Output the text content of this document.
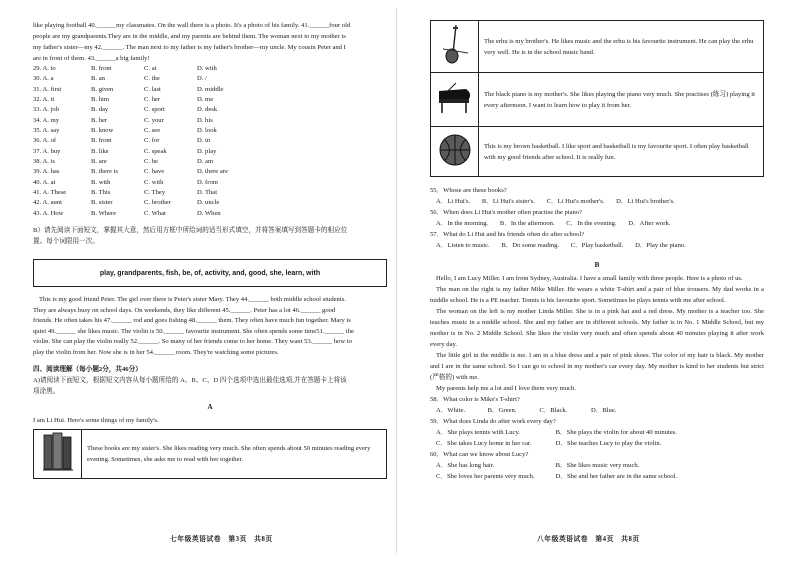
like playing football 40.______my classmates. On the wall there is a photo. It's a photo of his family. 41.______four old

people are my grandparents.They are in the middle, and my parents are behind them. The woman next to my mother is

my father's sister—my 42.______. The man next to my father is my father's brother—my uncle. My cousin Peter and I

are in front of them. 43.______a big family!

29. A. to	B. from	C. at	D. with
30. A. a	B. an	C. the	D. /
31. A. first	B. given	C. last	D. middle
32. A. it	B. him	C. her	D. me
33. A. job	B. day	C. sport	D. desk
34. A. my	B. her	C. your	D. his
35. A. say	B. know	C. see	D. look
36. A. of	B. from	C. for	D. in
37. A. buy	B. like	C. speak	D. play
38. A. is	B. are	C. be	D. am
39. A. has	B. there is	C. have	D. there are
40. A. at	B. with	C. with	D. from
41. A. These	B. This	C. They	D. That
42. A. aunt	B. sister	C. brother	D. uncle
43. A. How	B. Where	C. What	D. When

B）请先阅读下面短文，掌握其大意，然后用方框中所给词的适当形式填空，并将答案填写到答题卡的相应位

置。每个词限用一次。

play, grandparents, fish, be, of, activity, and, good, she, learn, with

This is my good friend Peter. The girl over there is Peter's sister Mary. They 44.______ both middle school students.

They are always busy on school days. On weekends, they like different 45.______. Peter has a lot 46.______ good

friends. He often takes his 47.______ rod and goes fishing 48.______ them. They often have much fun together. Mary is

quiet 49.______ she likes music. The violin is 50.______ favourite instrument. She often spends some time51.______ the

violin. She can play the violin really 52.______. So many of her friends come to her home. They want 53.______ how to

play the violin from her. Now she is in her 54.______ room. They're watching some pictures.

四、阅读理解（每小题2分，共46分）

A)请阅读下面短文，根据短文内容从每小题所给的 A、B、C、D 四个选项中选出最佳选项,并在答题卡上将该

项涂黑。

A

I am Li Hui. Here's some things of my family's.

	These books are my sister's. She likes reading very much. She often spends about 50 minutes reading every evening. Sometimes, she asks me to read with her together.
七年级英语试卷　第3页　共8页
	The erhu is my brother's. He likes music and the erhu is his favourite instrument. He can play the erhu very well. He is in the school music band.
	The black piano is my mother's. She likes playing the piano very much. She practises (练习) playing it every afternoon. I want to learn how to play it from her.
	This is my brown basketball. I like sport and basketball is my favourite sport. I often play basketball with my good friends after school. It is really fun.

55．Whose are these books?

A．Li Hui's. B．Li Hui's sister's. C．Li Hui's mother's. D．Li Hui's brother's.

56．When does Li Hui's mother often practise the piano?

A．In the morning. B．In the afternoon. C．In the evening. D．After work.

57．What do Li Hui and his friends often do after school?

A．Listen to music. B．Do some reading. C．Play basketball. D．Play the piano.

B

Hello, I am Lucy Miller. I am from Sydney, Australia. I have a small family with three people. Here is a photo of us.

The man on the right is my father Mike Miller. He wears a white T-shirt and a pair of blue trousers. My dad works in a middle school. He is a PE teacher. Tennis is his favourite sport. Sometimes he plays tennis with me after school.

The woman on the left is my mother Linda Miller. She is in a pink hat and a red dress. My mother is a teacher too. She teaches music in a middle school. She and my father are in different schools. My father is in No. 1 Middle School, but my mother is in No. 2 Middle School. She likes the violin very much and often spends about 40 minutes playing it after work every day.

The little girl in the middle is me. I am in a blue dress and a pair of pink shoes. The color of my hair is black. My mother and I are in the same school. So I can go to school in my mother's car every day. My mother is kind to her students but strict (严格的) with me.

My parents help me a lot and I love them very much.

58．What color is Mike's T-shirt?

A．White.	B．Green.	C．Black.	D．Blue.

59．What does Linda do after work every day?

A．She plays tennis with Lucy.	B．She plays the violin for about 40 minutes.

C．She takes Lucy home in her car.	D．She teaches Lucy to play the violin.

60．What can we know about Lucy?

A．She has long hair.	B．She likes music very much.

C．She loves her parents very much.	D．She and her father are in the same school.

八年级英语试卷　第4页　共8页
